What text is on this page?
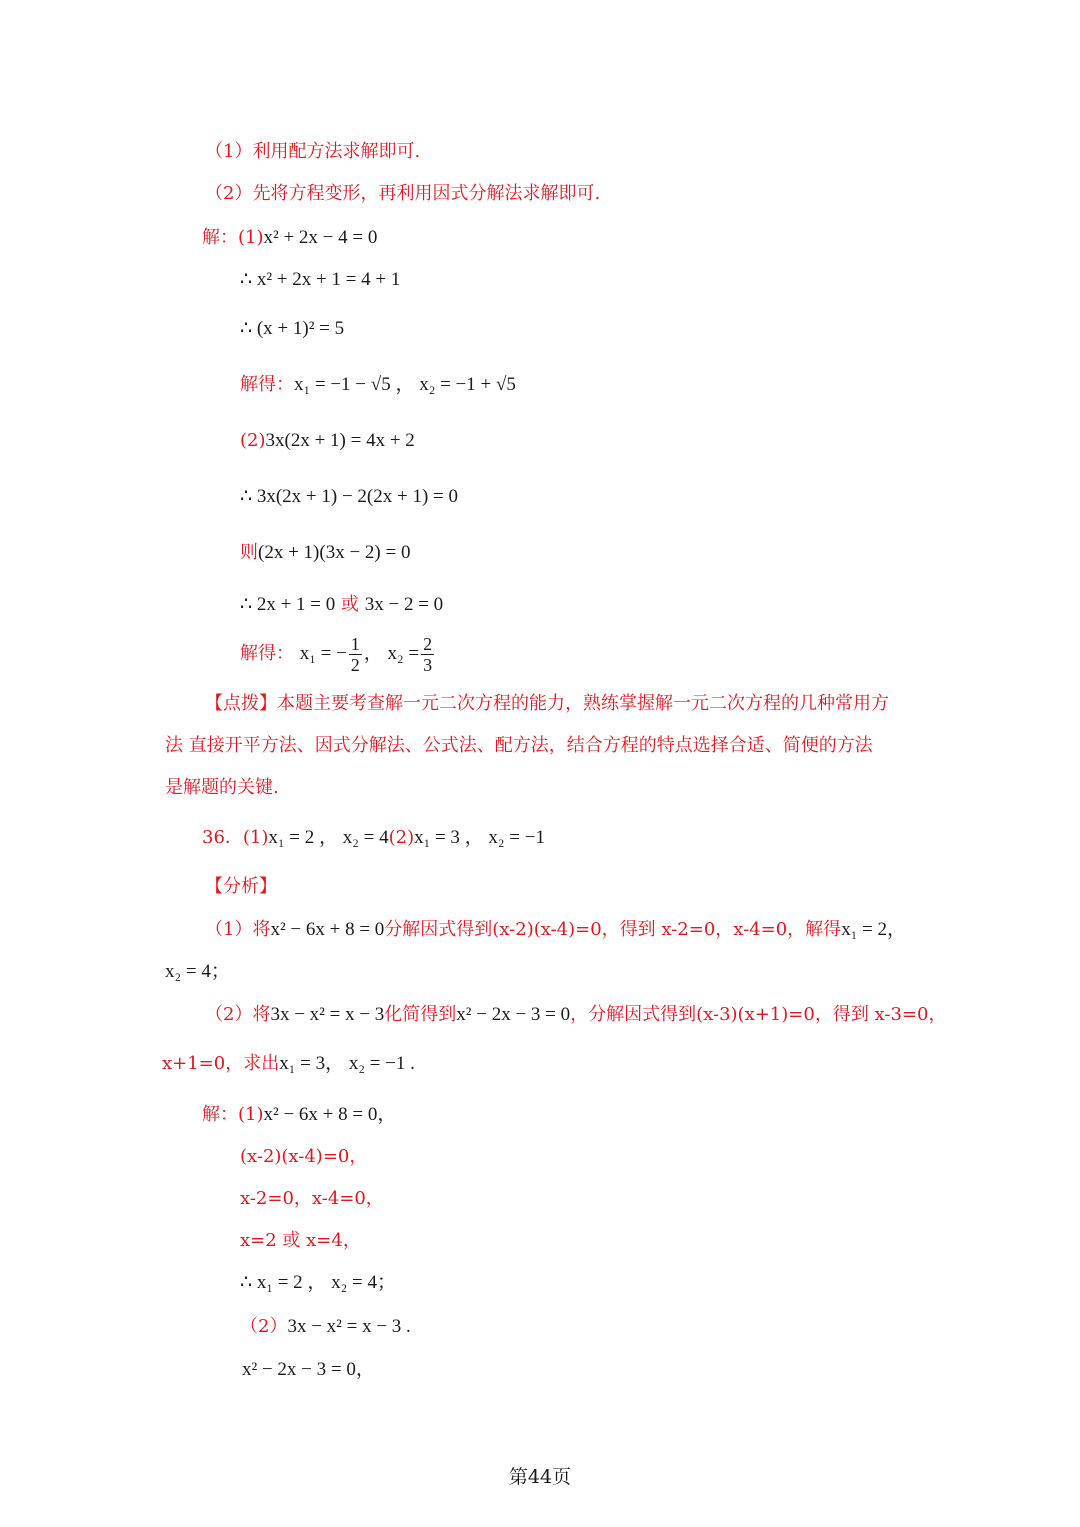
（1）利用配方法求解即可.
（2）先将方程变形，再利用因式分解法求解即可.
解：(1)x² + 2x − 4 = 0
∴ x² + 2x + 1 = 4 + 1
∴ (x + 1)² = 5
解得：x₁ = −1 − √5 ， x₂ = −1 + √5
(2)3x(2x + 1) = 4x + 2
∴ 3x(2x + 1) − 2(2x + 1) = 0
则(2x + 1)(3x − 2) = 0
∴ 2x + 1 = 0 或 3x − 2 = 0
解得： x₁ = − $\frac{1}{2}$ ， $x_2 = \frac{2}{3}$
【点拨】本题主要考查解一元二次方程的能力，熟练掌握解一元二次方程的几种常用方
法 直接开平方法、因式分解法、公式法、配方法，结合方程的特点选择合适、简便的方法
是解题的关键.
36．(1)x₁ = 2 ， x₂ = 4(2)x₁ = 3 ， x₂ = −1
【分析】
（1）将x² − 6x + 8 = 0分解因式得到(x-2)(x-4)=0，得到 x-2=0，x-4=0，解得x₁ = 2，
x₂ = 4；
（2）将3x − x² = x − 3化简得到x² − 2x − 3 = 0，分解因式得到(x-3)(x+1)=0，得到 x-3=0，
x+1=0，求出x₁ = 3， x₂ = −1 .
解：(1)x² − 6x + 8 = 0，
(x-2)(x-4)=0，
x-2=0，x-4=0，
x=2 或 x=4，
∴ x₁ = 2 ， x₂ = 4；
（2）3x − x² = x − 3 .
x² − 2x − 3 = 0，
第44页
